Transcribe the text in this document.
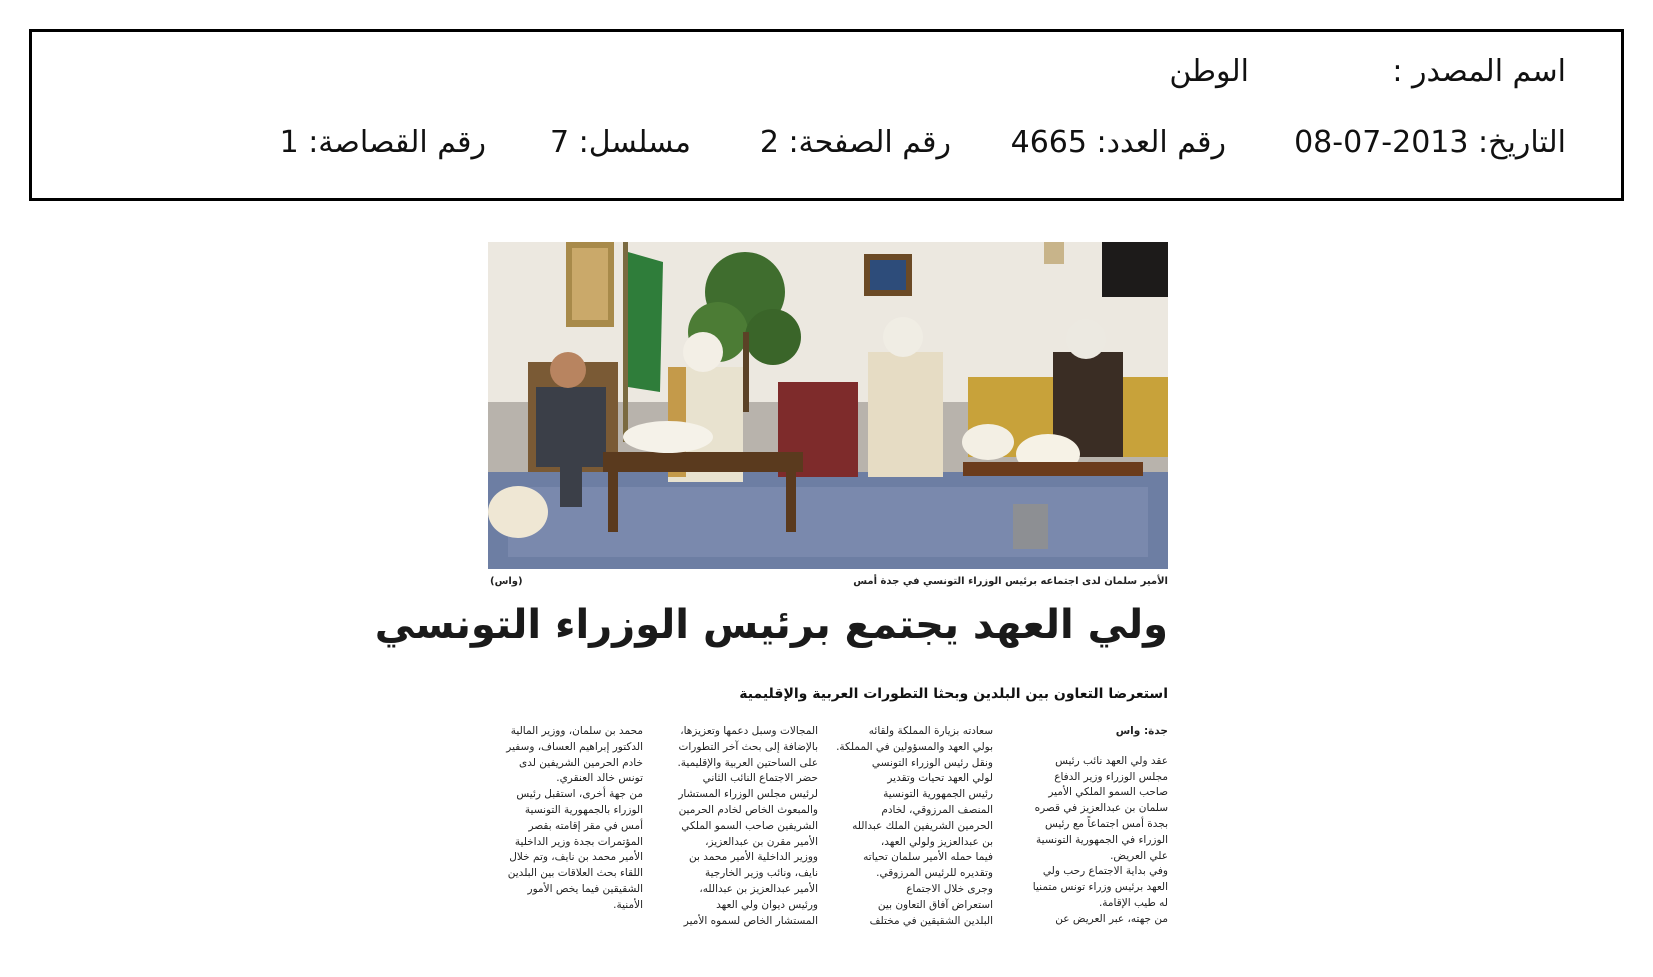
اسم المصدر :
الوطن
التاريخ: 2013-07-08
رقم العدد: 4665
رقم الصفحة: 2
مسلسل: 7
رقم القصاصة: 1
الأمير سلمان لدى اجتماعه برئيس الوزراء التونسي في جدة أمس
(واس)
ولي العهد يجتمع برئيس الوزراء التونسي
استعرضا التعاون بين البلدين وبحثا التطورات العربية والإقليمية

جدة: واس

عقد ولي العهد نائب رئيس

مجلس الوزراء وزير الدفاع

صاحب السمو الملكي الأمير

سلمان بن عبدالعزيز في قصره

بجدة أمس اجتماعاً مع رئيس

الوزراء في الجمهورية التونسية

علي العريض.

وفي بداية الاجتماع رحب ولي

العهد برئيس وزراء تونس متمنيا

له طيب الإقامة.

من جهته، عبر العريض عن

سعادته بزيارة المملكة ولقائه

بولي العهد والمسؤولين في المملكة.

ونقل رئيس الوزراء التونسي

لولي العهد تحيات وتقدير

رئيس الجمهورية التونسية

المنصف المرزوقي، لخادم

الحرمين الشريفين الملك عبدالله

بن عبدالعزيز ولولي العهد،

فيما حمله الأمير سلمان تحياته

وتقديره للرئيس المرزوقي.

وجرى خلال الاجتماع

استعراض آفاق التعاون بين

البلدين الشقيقين في مختلف

المجالات وسبل دعمها وتعزيزها،

بالإضافة إلى بحث آخر التطورات

على الساحتين العربية والإقليمية.

حضر الاجتماع النائب الثاني

لرئيس مجلس الوزراء المستشار

والمبعوث الخاص لخادم الحرمين

الشريفين صاحب السمو الملكي

الأمير مقرن بن عبدالعزيز،

ووزير الداخلية الأمير محمد بن

نايف، ونائب وزير الخارجية

الأمير عبدالعزيز بن عبدالله،

ورئيس ديوان ولي العهد

المستشار الخاص لسموه الأمير

محمد بن سلمان، ووزير المالية

الدكتور إبراهيم العساف، وسفير

خادم الحرمين الشريفين لدى

تونس خالد العنقري.

من جهة أخرى، استقبل رئيس

الوزراء بالجمهورية التونسية

أمس في مقر إقامته بقصر

المؤتمرات بجدة وزير الداخلية

الأمير محمد بن نايف، وتم خلال

اللقاء بحث العلاقات بين البلدين

الشقيقين فيما يخص الأمور

الأمنية.
